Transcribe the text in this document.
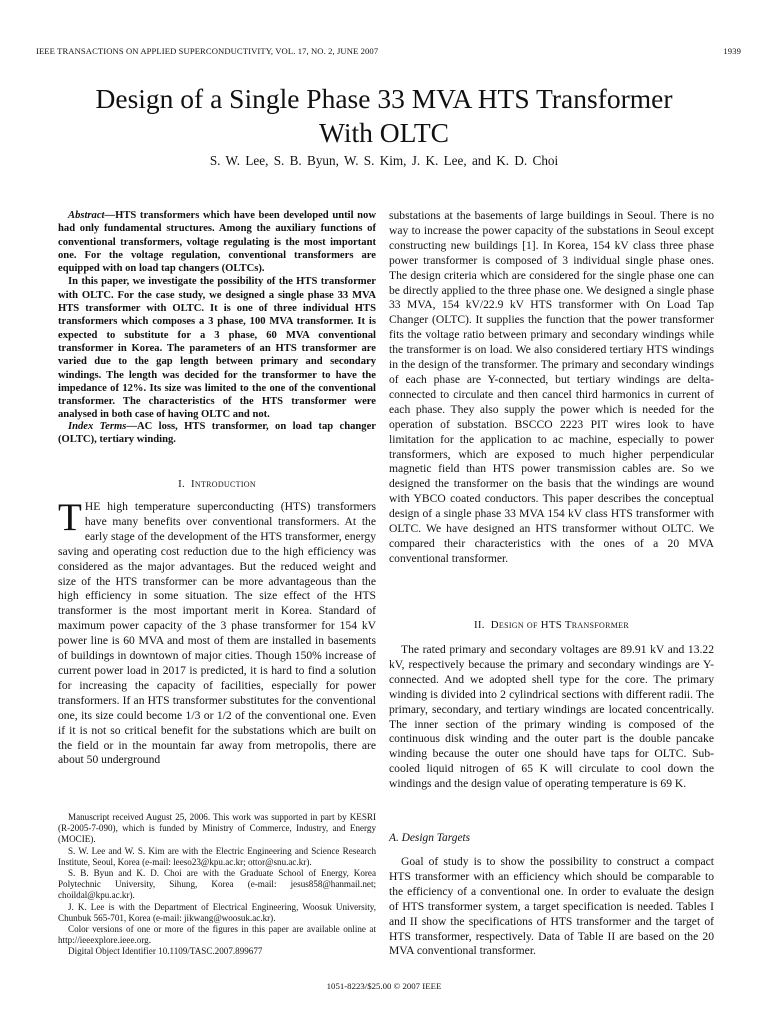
IEEE TRANSACTIONS ON APPLIED SUPERCONDUCTIVITY, VOL. 17, NO. 2, JUNE 2007	1939
Design of a Single Phase 33 MVA HTS Transformer
With OLTC
S. W. Lee, S. B. Byun, W. S. Kim, J. K. Lee, and K. D. Choi

Abstract—HTS transformers which have been developed until now had only fundamental structures. Among the auxiliary functions of conventional transformers, voltage regulating is the most important one. For the voltage regulation, conventional transformers are equipped with on load tap changers (OLTCs).

In this paper, we investigate the possibility of the HTS transformer with OLTC. For the case study, we designed a single phase 33 MVA HTS transformer with OLTC. It is one of three individual HTS transformers which composes a 3 phase, 100 MVA transformer. It is expected to substitute for a 3 phase, 60 MVA conventional transformer in Korea. The parameters of an HTS transformer are varied due to the gap length between primary and secondary windings. The length was decided for the transformer to have the impedance of 12%. Its size was limited to the one of the conventional transformer. The characteristics of the HTS transformer were analysed in both case of having OLTC and not.

Index Terms—AC loss, HTS transformer, on load tap changer (OLTC), tertiary winding.

I. Introduction

THE high temperature superconducting (HTS) transformers have many benefits over conventional transformers. At the early stage of the development of the HTS transformer, energy saving and operating cost reduction due to the high efficiency was considered as the major advantages. But the reduced weight and size of the HTS transformer can be more advantageous than the high efficiency in some situation. The size effect of the HTS transformer is the most important merit in Korea. Standard of maximum power capacity of the 3 phase transformer for 154 kV power line is 60 MVA and most of them are installed in basements of buildings in downtown of major cities. Though 150% increase of current power load in 2017 is predicted, it is hard to find a solution for increasing the capacity of facilities, especially for power transformers. If an HTS transformer substitutes for the conventional one, its size could become 1/3 or 1/2 of the conventional one. Even if it is not so critical benefit for the substations which are built on the field or in the mountain far away from metropolis, there are about 50 underground

Manuscript received August 25, 2006. This work was supported in part by KESRI (R-2005-7-090), which is funded by Ministry of Commerce, Industry, and Energy (MOCIE).

S. W. Lee and W. S. Kim are with the Electric Engineering and Science Research Institute, Seoul, Korea (e-mail: leeso23@kpu.ac.kr; ottor@snu.ac.kr).

S. B. Byun and K. D. Choi are with the Graduate School of Energy, Korea Polytechnic University, Sihung, Korea (e-mail: jesus858@hanmail.net; choildal@kpu.ac.kr).

J. K. Lee is with the Department of Electrical Engineering, Woosuk University, Chunbuk 565-701, Korea (e-mail: jikwang@woosuk.ac.kr).

Color versions of one or more of the figures in this paper are available online at http://ieeexplore.ieee.org.

Digital Object Identifier 10.1109/TASC.2007.899677

substations at the basements of large buildings in Seoul. There is no way to increase the power capacity of the substations in Seoul except constructing new buildings [1]. In Korea, 154 kV class three phase power transformer is composed of 3 individual single phase ones. The design criteria which are considered for the single phase one can be directly applied to the three phase one. We designed a single phase 33 MVA, 154 kV/22.9 kV HTS transformer with On Load Tap Changer (OLTC). It supplies the function that the power transformer fits the voltage ratio between primary and secondary windings while the transformer is on load. We also considered tertiary HTS windings in the design of the transformer. The primary and secondary windings of each phase are Y-connected, but tertiary windings are delta-connected to circulate and then cancel third harmonics in current of each phase. They also supply the power which is needed for the operation of substation. BSCCO 2223 PIT wires look to have limitation for the application to ac machine, especially to power transformers, which are exposed to much higher perpendicular magnetic field than HTS power transmission cables are. So we designed the transformer on the basis that the windings are wound with YBCO coated conductors. This paper describes the conceptual design of a single phase 33 MVA 154 kV class HTS transformer with OLTC. We have designed an HTS transformer without OLTC. We compared their characteristics with the ones of a 20 MVA conventional transformer.

II. Design of HTS Transformer

The rated primary and secondary voltages are 89.91 kV and 13.22 kV, respectively because the primary and secondary windings are Y-connected. And we adopted shell type for the core. The primary winding is divided into 2 cylindrical sections with different radii. The primary, secondary, and tertiary windings are located concentrically. The inner section of the primary winding is composed of the continuous disk winding and the outer part is the double pancake winding because the outer one should have taps for OLTC. Sub-cooled liquid nitrogen of 65 K will circulate to cool down the windings and the design value of operating temperature is 69 K.

A. Design Targets

Goal of study is to show the possibility to construct a compact HTS transformer with an efficiency which should be comparable to the efficiency of a conventional one. In order to evaluate the design of HTS transformer system, a target specification is needed. Tables I and II show the specifications of HTS transformer and the target of HTS transformer, respectively. Data of Table II are based on the 20 MVA conventional transformer.

1051-8223/$25.00 © 2007 IEEE
